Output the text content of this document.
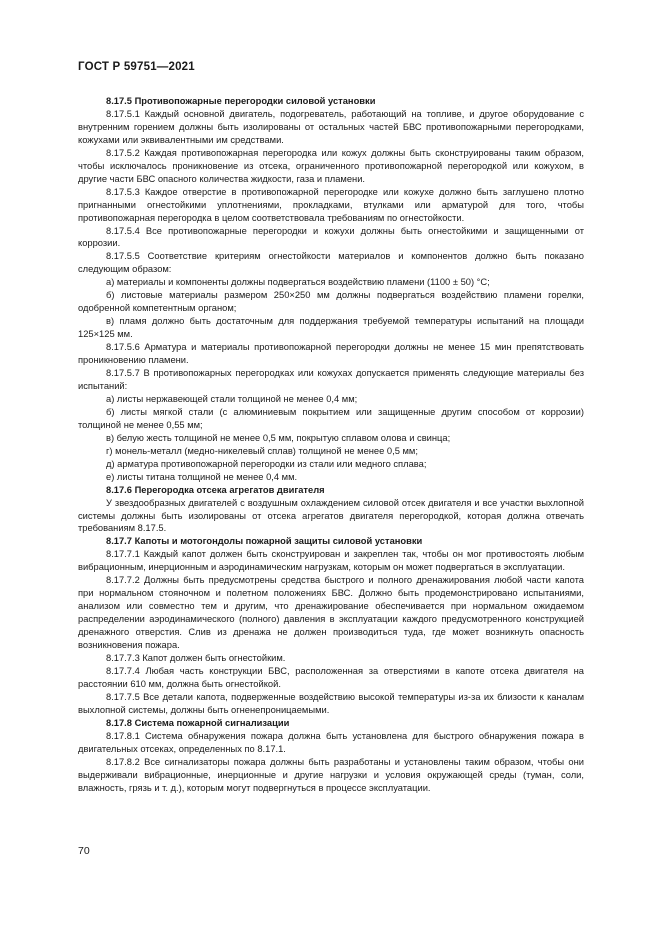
ГОСТ Р 59751—2021

8.17.5 Противопожарные перегородки силовой установки

8.17.5.1 Каждый основной двигатель, подогреватель, работающий на топливе, и другое оборудование с внутренним горением должны быть изолированы от остальных частей БВС противопожарными перегородками, кожухами или эквивалентными им средствами.

8.17.5.2 Каждая противопожарная перегородка или кожух должны быть сконструированы таким образом, чтобы исключалось проникновение из отсека, ограниченного противопожарной перегородкой или кожухом, в другие части БВС опасного количества жидкости, газа и пламени.

8.17.5.3 Каждое отверстие в противопожарной перегородке или кожухе должно быть заглушено плотно пригнанными огнестойкими уплотнениями, прокладками, втулками или арматурой для того, чтобы противопожарная перегородка в целом соответствовала требованиям по огнестойкости.

8.17.5.4 Все противопожарные перегородки и кожухи должны быть огнестойкими и защищенными от коррозии.

8.17.5.5 Соответствие критериям огнестойкости материалов и компонентов должно быть показано следующим образом:

а) материалы и компоненты должны подвергаться воздействию пламени (1100 ± 50) °С;

б) листовые материалы размером 250×250 мм должны подвергаться воздействию пламени горелки, одобренной компетентным органом;

в) пламя должно быть достаточным для поддержания требуемой температуры испытаний на площади 125×125 мм.

8.17.5.6 Арматура и материалы противопожарной перегородки должны не менее 15 мин препятствовать проникновению пламени.

8.17.5.7 В противопожарных перегородках или кожухах допускается применять следующие материалы без испытаний:

а) листы нержавеющей стали толщиной не менее 0,4 мм;

б) листы мягкой стали (с алюминиевым покрытием или защищенные другим способом от коррозии) толщиной не менее 0,55 мм;

в) белую жесть толщиной не менее 0,5 мм, покрытую сплавом олова и свинца;

г) монель-металл (медно-никелевый сплав) толщиной не менее 0,5 мм;

д) арматура противопожарной перегородки из стали или медного сплава;

е) листы титана толщиной не менее 0,4 мм.

8.17.6 Перегородка отсека агрегатов двигателя

У звездообразных двигателей с воздушным охлаждением силовой отсек двигателя и все участки выхлопной системы должны быть изолированы от отсека агрегатов двигателя перегородкой, которая должна отвечать требованиям 8.17.5.

8.17.7 Капоты и мотогондолы пожарной защиты силовой установки

8.17.7.1 Каждый капот должен быть сконструирован и закреплен так, чтобы он мог противостоять любым вибрационным, инерционным и аэродинамическим нагрузкам, которым он может подвергаться в эксплуатации.

8.17.7.2 Должны быть предусмотрены средства быстрого и полного дренажирования любой части капота при нормальном стояночном и полетном положениях БВС. Должно быть продемонстрировано испытаниями, анализом или совместно тем и другим, что дренажирование обеспечивается при нормальном ожидаемом распределении аэродинамического (полного) давления в эксплуатации каждого предусмотренного конструкцией дренажного отверстия. Слив из дренажа не должен производиться туда, где может возникнуть опасность возникновения пожара.

8.17.7.3 Капот должен быть огнестойким.

8.17.7.4 Любая часть конструкции БВС, расположенная за отверстиями в капоте отсека двигателя на расстоянии 610 мм, должна быть огнестойкой.

8.17.7.5 Все детали капота, подверженные воздействию высокой температуры из-за их близости к каналам выхлопной системы, должны быть огненепроницаемыми.

8.17.8 Система пожарной сигнализации

8.17.8.1 Система обнаружения пожара должна быть установлена для быстрого обнаружения пожара в двигательных отсеках, определенных по 8.17.1.

8.17.8.2 Все сигнализаторы пожара должны быть разработаны и установлены таким образом, чтобы они выдерживали вибрационные, инерционные и другие нагрузки и условия окружающей среды (туман, соли, влажность, грязь и т. д.), которым могут подвергнуться в процессе эксплуатации.

70
